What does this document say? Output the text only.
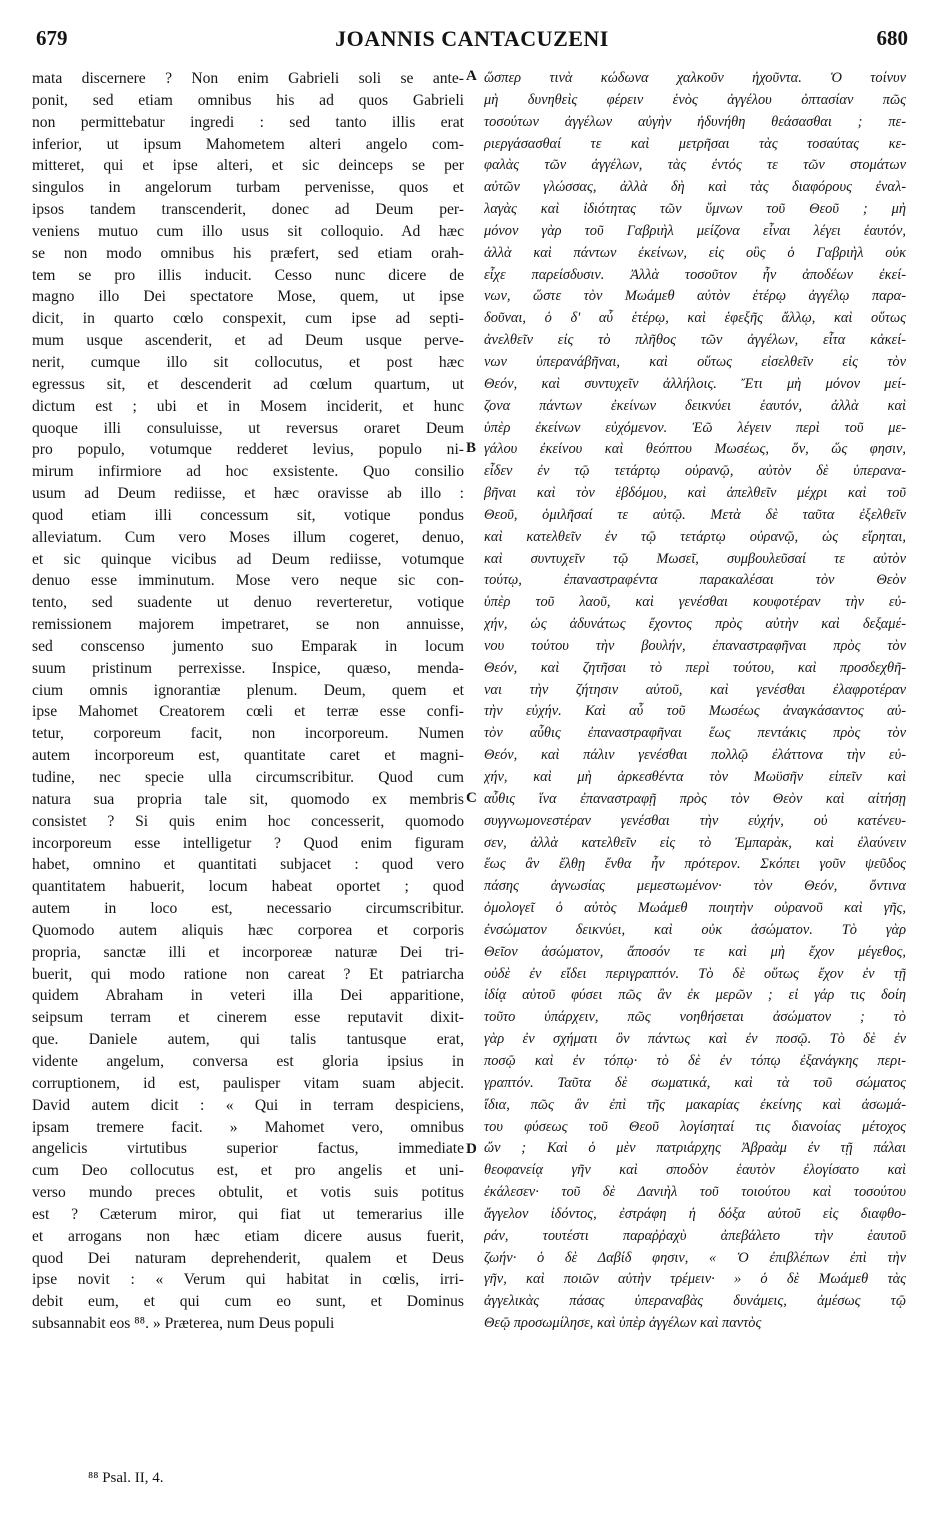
679	JOANNIS CANTACUZENI	680
mata discernere ? Non enim Gabrieli soli se ante-
ponit, sed etiam omnibus his ad quos Gabrieli
non permittebatur ingredi : sed tanto illis erat
inferior, ut ipsum Mahometem alteri angelo com-
mitteret, qui et ipse alteri, et sic deinceps se per
singulos in angelorum turbam pervenisse, quos et
ipsos tandem transcenderit, donec ad Deum per-
veniens mutuo cum illo usus sit colloquio. Ad hæc
se non modo omnibus his præfert, sed etiam orah-
tem se pro illis inducit. Cesso nunc dicere de
magno illo Dei spectatore Mose, quem, ut ipse
dicit, in quarto cœlo conspexit, cum ipse ad septi-
mum usque ascenderit, et ad Deum usque perve-
nerit, cumque illo sit collocutus, et post hæc
egressus sit, et descenderit ad cœlum quartum, ut
dictum est ; ubi et in Mosem inciderit, et hunc
quoque illi consuluisse, ut reversus oraret Deum
pro populo, votumque redderet levius, populo ni-
mirum infirmiore ad hoc exsistente. Quo consilio
usum ad Deum rediisse, et hæc oravisse ab illo :
quod etiam illi concessum sit, votique pondus
alleviatum. Cum vero Moses illum cogeret, denuo,
et sic quinque vicibus ad Deum rediisse, votumque
denuo esse imminutum. Mose vero neque sic con-
tento, sed suadente ut denuo reverteretur, votique
remissionem majorem impetraret, se non annuisse,
sed conscenso jumento suo Emparak in locum
suum pristinum perrexisse. Inspice, quæso, menda-
cium omnis ignorantiæ plenum. Deum, quem et
ipse Mahomet Creatorem cœli et terræ esse confi-
tetur, corporeum facit, non incorporeum. Numen
autem incorporeum est, quantitate caret et magni-
tudine, nec specie ulla circumscribitur. Quod cum
natura sua propria tale sit, quomodo ex membris
consistet ? Si quis enim hoc concesserit, quomodo
incorporeum esse intelligetur ? Quod enim figuram
habet, omnino et quantitati subjacet : quod vero
quantitatem habuerit, locum habeat oportet ; quod
autem in loco est, necessario circumscribitur.
Quomodo autem aliquis hæc corporea et corporis
propria, sanctæ illi et incorporeæ naturæ Dei tri-
buerit, qui modo ratione non careat ? Et patriarcha
quidem Abraham in veteri illa Dei apparitione,
seipsum terram et cinerem esse reputavit dixit-
que. Daniele autem, qui talis tantusque erat,
vidente angelum, conversa est gloria ipsius in
corruptionem, id est, paulisper vitam suam abjecit.
David autem dicit : « Qui in terram despiciens,
ipsam tremere facit. » Mahomet vero, omnibus
angelicis virtutibus superior factus, immediate
cum Deo collocutus est, et pro angelis et uni-
verso mundo preces obtulit, et votis suis potitus
est ? Cæterum miror, qui fiat ut temerarius ille
et arrogans non hæc etiam dicere ausus fuerit,
quod Dei naturam deprehenderit, qualem et Deus
ipse novit : « Verum qui habitat in cœlis, irri-
debit eum, et qui cum eo sunt, et Dominus
subsannabit eos ⁸⁸. » Præterea, num Deus populi
ὥσπερ τινὰ κώδωνα χαλκοῦν ἠχοῦντα. Ὁ τοίνυν
μὴ δυνηθεὶς φέρειν ἑνὸς ἀγγέλου ὀπτασίαν πῶς
τοσούτων ἀγγέλων αὐγὴν ἠδυνήθη θεάσασθαι ; πε-
ριεργάσασθαί τε καὶ μετρῆσαι τὰς τοσαύτας κε-
φαλὰς τῶν ἀγγέλων, τὰς ἐντός τε τῶν στομάτων
αὐτῶν γλώσσας, ἀλλὰ δὴ καὶ τὰς διαφόρους ἐναλ-
λαγὰς καὶ ἰδιότητας τῶν ὕμνων τοῦ Θεοῦ ; μὴ
μόνον γὰρ τοῦ Γαβριὴλ μείζονα εἶναι λέγει ἑαυτόν,
ἀλλὰ καὶ πάντων ἐκείνων, εἰς οὓς ὁ Γαβριὴλ οὐκ
εἶχε παρείσδυσιν. Ἀλλὰ τοσοῦτον ἦν ἀποδέων ἐκεί-
νων, ὥστε τὸν Μωάμεθ αὐτὸν ἑτέρῳ ἀγγέλῳ παρα-
δοῦναι, ὁ δ' αὖ ἑτέρῳ, καὶ ἑφεξῆς ἄλλῳ, καὶ οὕτως
ἀνελθεῖν εἰς τὸ πλῆθος τῶν ἀγγέλων, εἶτα κἀκεί-
νων ὑπερανάβῆναι, καὶ οὕτως εἰσελθεῖν εἰς τὸν
Θεόν, καὶ συντυχεῖν ἀλλήλοις. Ἔτι μὴ μόνον μεί-
ζονα πάντων ἐκείνων δεικνύει ἑαυτόν, ἀλλὰ καὶ
ὑπὲρ ἐκείνων εὐχόμενον. Ἐῶ λέγειν περὶ τοῦ με-
γάλου ἐκείνου καὶ θεόπτου Μωσέως, ὅν, ὥς φησιν,
εἶδεν ἐν τῷ τετάρτῳ οὐρανῷ, αὐτὸν δὲ ὑπερανα-
βῆναι καὶ τὸν ἑβδόμου, καὶ ἀπελθεῖν μέχρι καὶ τοῦ
Θεοῦ, ὁμιλῆσαί τε αὐτῷ. Μετὰ δὲ ταῦτα ἐξελθεῖν
καὶ κατελθεῖν ἐν τῷ τετάρτῳ οὐρανῷ, ὡς εἴρηται,
καὶ συντυχεῖν τῷ Μωσεῖ, συμβουλεῦσαί τε αὐτὸν
τούτῳ, ἐπαναστραφέντα παρακαλέσαι τὸν Θεὸν
ὑπὲρ τοῦ λαοῦ, καὶ γενέσθαι κουφοτέραν τὴν εὐ-
χήν, ὡς ἀδυνάτως ἔχοντος πρὸς αὐτὴν καὶ δεξαμέ-
νου τούτου τὴν βουλήν, ἐπαναστραφῆναι πρὸς τὸν
Θεόν, καὶ ζητῆσαι τὸ περὶ τούτου, καὶ προσδεχθῆ-
ναι τὴν ζήτησιν αὐτοῦ, καὶ γενέσθαι ἐλαφροτέραν
τὴν εὐχήν. Καὶ αὖ τοῦ Μωσέως ἀναγκάσαντος αὐ-
τὸν αὖθις ἐπαναστραφῆναι ἕως πεντάκις πρὸς τὸν
Θεόν, καὶ πάλιν γενέσθαι πολλῷ ἐλάττονα τὴν εὐ-
χήν, καὶ μὴ ἀρκεσθέντα τὸν Μωϋσῆν εἰπεῖν καὶ
αὖθις ἵνα ἐπαναστραφῇ πρὸς τὸν Θεὸν καὶ αἰτήσῃ
συγγνωμονεστέραν γενέσθαι τὴν εὐχήν, οὐ κατένευ-
σεν, ἀλλὰ κατελθεῖν εἰς τὸ Ἐμπαρὰκ, καὶ ἐλαύνειν
ἕως ἂν ἔλθῃ ἔνθα ἦν πρότερον. Σκόπει γοῦν ψεῦδος
πάσης ἀγνωσίας μεμεστωμένον· τὸν Θεόν, ὄντινα
ὁμολογεῖ ὁ αὐτὸς Μωάμεθ ποιητὴν οὐρανοῦ καὶ γῆς,
ἐνσώματον δεικνύει, καὶ οὐκ ἀσώματον. Τὸ γὰρ
Θεῖον ἀσώματον, ἄποσόν τε καὶ μὴ ἔχον μέγεθος,
οὐδὲ ἐν εἴδει περιγραπτόν. Τὸ δὲ οὕτως ἔχον ἐν τῇ
ἰδίᾳ αὐτοῦ φύσει πῶς ἂν ἐκ μερῶν ; εἰ γάρ τις δοίη
τοῦτο ὑπάρχειν, πῶς νοηθήσεται ἀσώματον ; τὸ
γὰρ ἐν σχήματι ὂν πάντως καὶ ἐν ποσῷ. Τὸ δὲ ἐν
ποσῷ καὶ ἐν τόπῳ· τὸ δὲ ἐν τόπῳ ἐξανάγκης περι-
γραπτόν. Ταῦτα δὲ σωματικά, καὶ τὰ τοῦ σώματος
ἴδια, πῶς ἂν ἐπὶ τῆς μακαρίας ἐκείνης καὶ ἀσωμά-
του φύσεως τοῦ Θεοῦ λογίσηταί τις διανοίας μέτοχος
ὤν ; Καὶ ὁ μὲν πατριάρχης Ἀβραὰμ ἐν τῇ πάλαι
θεοφανείᾳ γῆν καὶ σποδὸν ἑαυτὸν ἐλογίσατο καὶ
ἐκάλεσεν· τοῦ δὲ Δανιὴλ τοῦ τοιούτου καὶ τοσούτου
ἄγγελον ἰδόντος, ἐστράφη ἡ δόξα αὐτοῦ εἰς διαφθο-
ράν, τουτέστι παραῤῥαχὺ ἀπεβάλετο τὴν ἑαυτοῦ
ζωήν· ὁ δὲ Δαβίδ φησιν, « Ὁ ἐπιβλέπων ἐπὶ τὴν
γῆν, καὶ ποιῶν αὐτὴν τρέμειν· » ὁ δὲ Μωάμεθ τὰς
ἀγγελικὰς πάσας ὑπεραναβὰς δυνάμεις, ἀμέσως τῷ
Θεῷ προσωμίλησε, καὶ ὑπὲρ ἀγγέλων καὶ παντὸς
A
B
C
D
⁸⁸ Psal. II, 4.
